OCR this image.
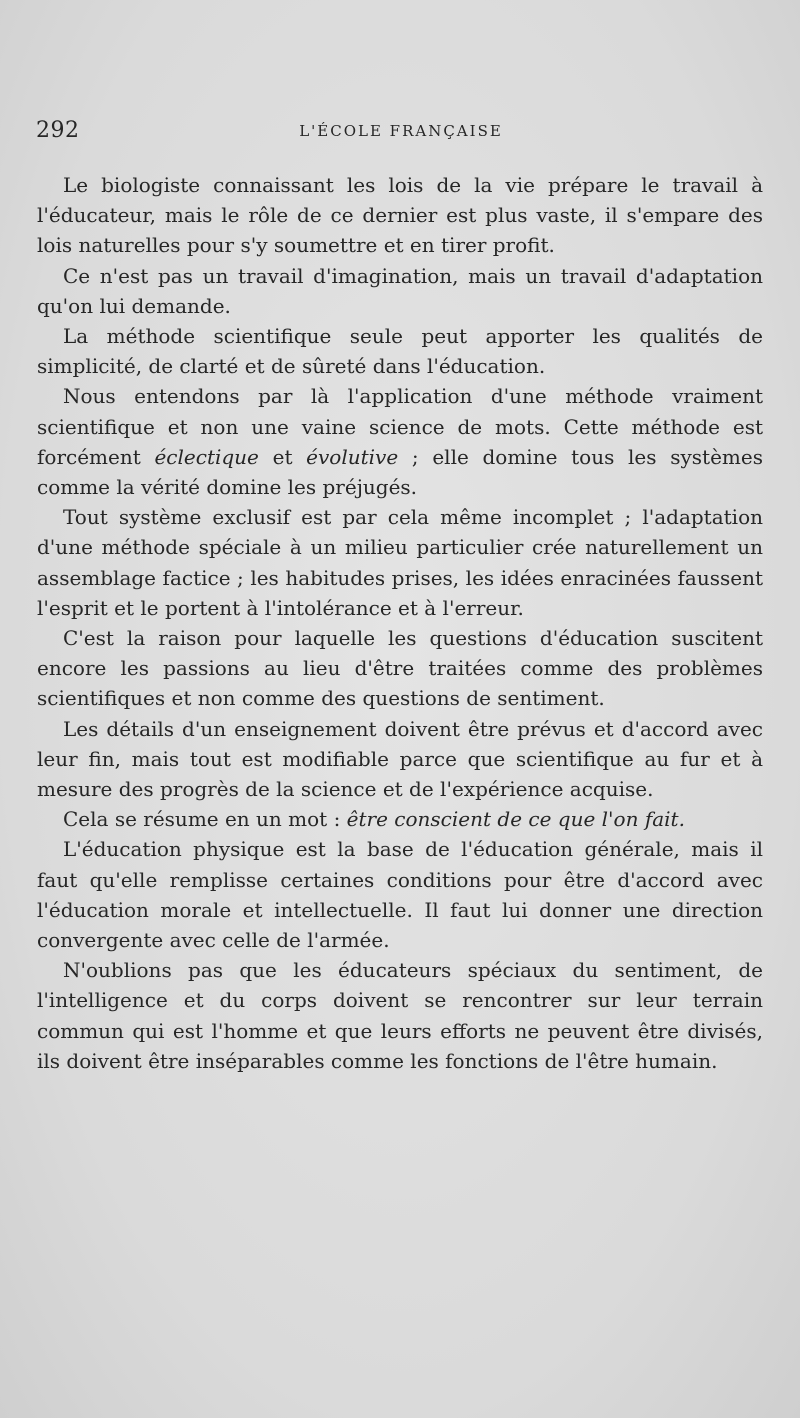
292	L'ÉCOLE FRANÇAISE

Le biologiste connaissant les lois de la vie prépare le travail à l'éducateur, mais le rôle de ce dernier est plus vaste, il s'empare des lois naturelles pour s'y soumettre et en tirer profit.

Ce n'est pas un travail d'imagination, mais un travail d'adaptation qu'on lui demande.

La méthode scientifique seule peut apporter les qualités de simplicité, de clarté et de sûreté dans l'éducation.

Nous entendons par là l'application d'une méthode vraiment scientifique et non une vaine science de mots. Cette méthode est forcément éclectique et évolutive ; elle domine tous les systèmes comme la vérité domine les préjugés.

Tout système exclusif est par cela même incomplet ; l'adaptation d'une méthode spéciale à un milieu particulier crée naturellement un assemblage factice ; les habitudes prises, les idées enracinées faussent l'esprit et le portent à l'intolérance et à l'erreur.

C'est la raison pour laquelle les questions d'éducation suscitent encore les passions au lieu d'être traitées comme des problèmes scientifiques et non comme des questions de sentiment.

Les détails d'un enseignement doivent être prévus et d'accord avec leur fin, mais tout est modifiable parce que scientifique au fur et à mesure des progrès de la science et de l'expérience acquise.

Cela se résume en un mot : être conscient de ce que l'on fait.

L'éducation physique est la base de l'éducation générale, mais il faut qu'elle remplisse certaines conditions pour être d'accord avec l'éducation morale et intellectuelle. Il faut lui donner une direction convergente avec celle de l'armée.

N'oublions pas que les éducateurs spéciaux du sentiment, de l'intelligence et du corps doivent se rencontrer sur leur terrain commun qui est l'homme et que leurs efforts ne peuvent être divisés, ils doivent être inséparables comme les fonctions de l'être humain.
